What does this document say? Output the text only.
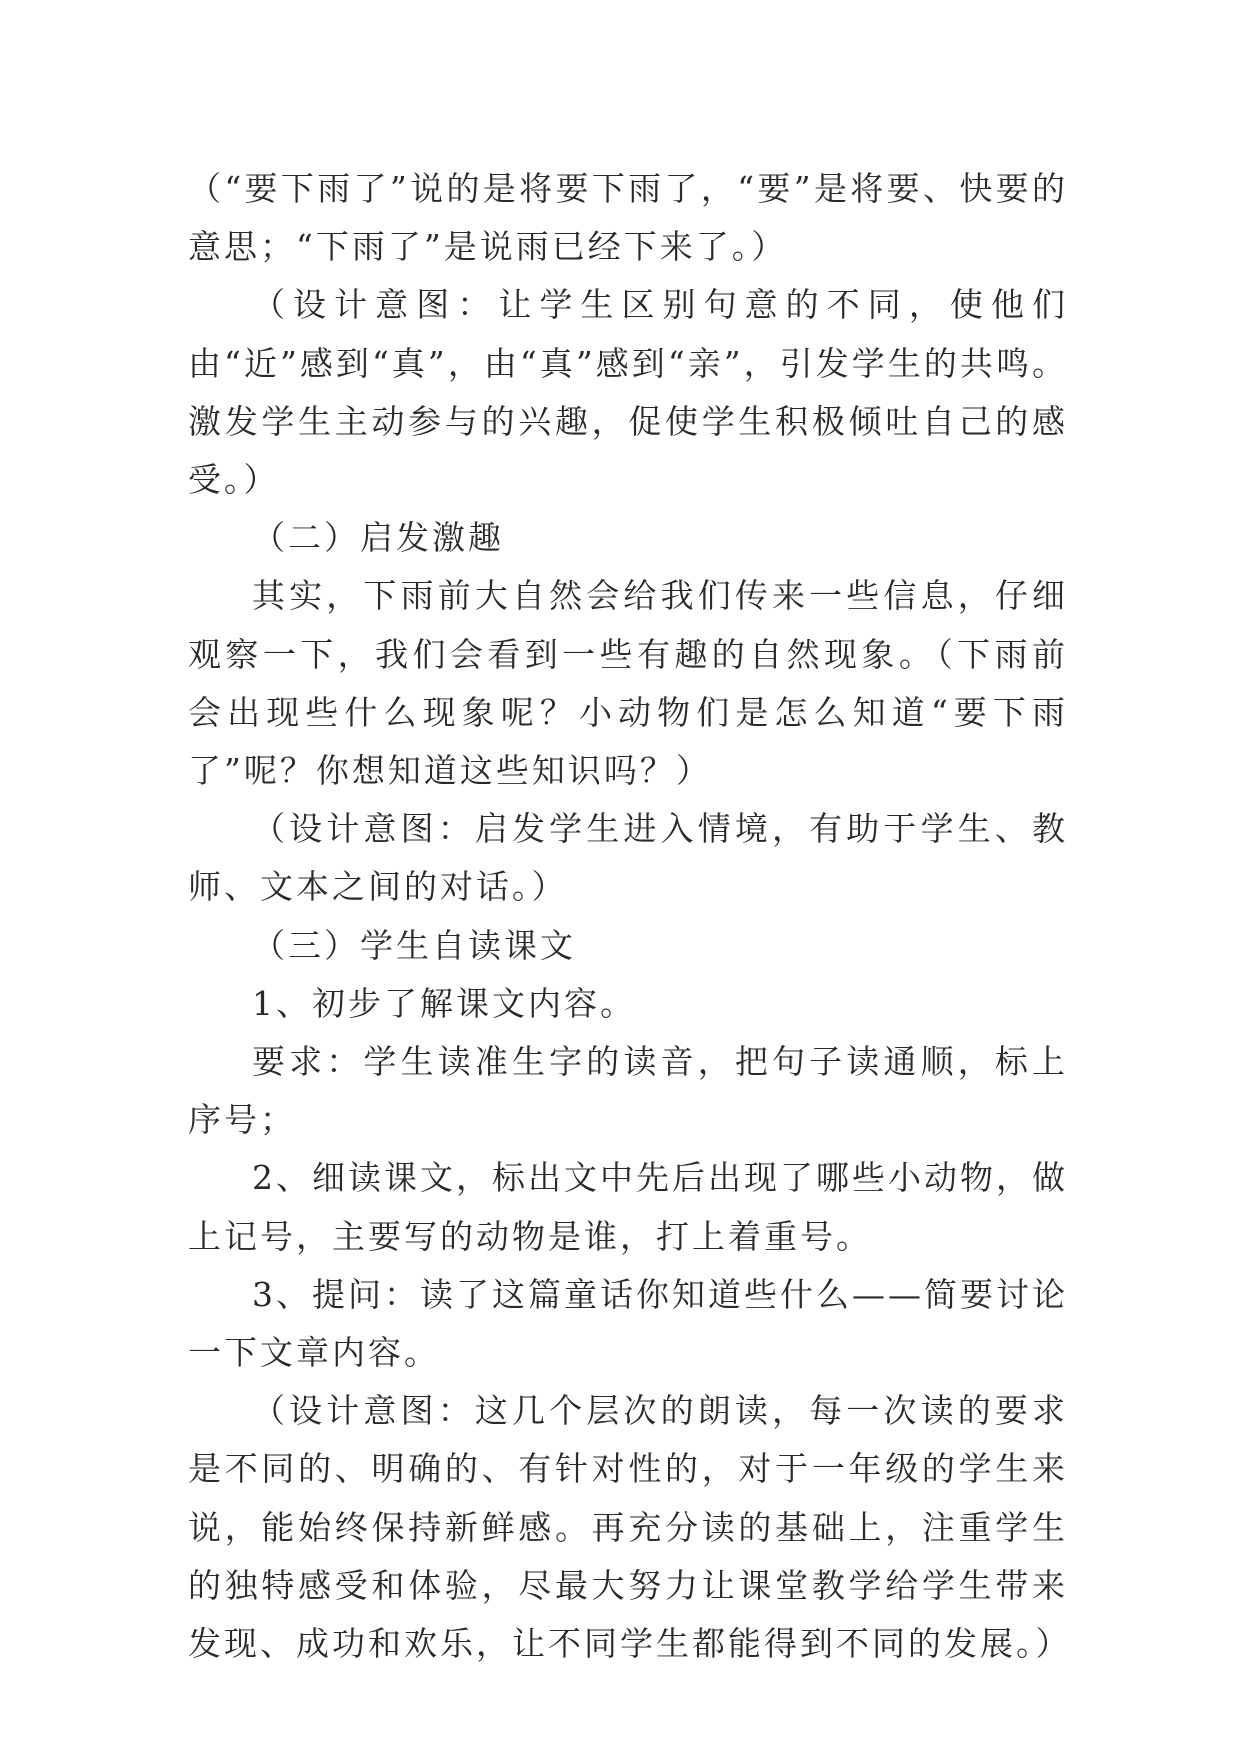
（“要下雨了”说的是将要下雨了，“要”是将要、快要的意思；“下雨了”是说雨已经下来了。）

（设计意图：让学生区别句意的不同，使他们由“近”感到“真”，由“真”感到“亲”，引发学生的共鸣。激发学生主动参与的兴趣，促使学生积极倾吐自己的感受。）

（二）启发激趣

其实，下雨前大自然会给我们传来一些信息，仔细观察一下，我们会看到一些有趣的自然现象。（下雨前会出现些什么现象呢？小动物们是怎么知道“要下雨了”呢？你想知道这些知识吗？）

（设计意图：启发学生进入情境，有助于学生、教师、文本之间的对话。）

（三）学生自读课文

1、初步了解课文内容。

要求：学生读准生字的读音，把句子读通顺，标上序号；

2、细读课文，标出文中先后出现了哪些小动物，做上记号，主要写的动物是谁，打上着重号。

3、提问：读了这篇童话你知道些什么——简要讨论一下文章内容。

（设计意图：这几个层次的朗读，每一次读的要求是不同的、明确的、有针对性的，对于一年级的学生来说，能始终保持新鲜感。再充分读的基础上，注重学生的独特感受和体验，尽最大努力让课堂教学给学生带来发现、成功和欢乐，让不同学生都能得到不同的发展。）
